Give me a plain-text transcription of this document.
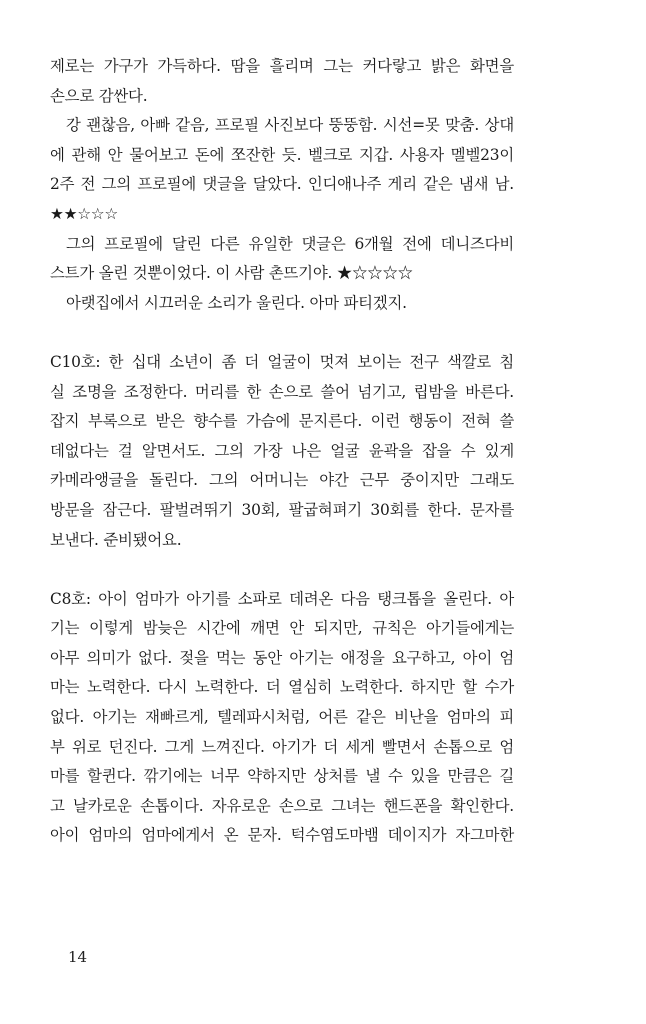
제로는 가구가 가득하다. 땀을 흘리며 그는 커다랗고 밝은 화면을
손으로 감싼다.
강 괜찮음, 아빠 같음, 프로필 사진보다 뚱뚱함. 시선=못 맞춤. 상대
에 관해 안 물어보고 돈에 쪼잔한 듯. 벨크로 지갑. 사용자 멜벨23이
2주 전 그의 프로필에 댓글을 달았다. 인디애나주 게리 같은 냄새 남.
★★☆☆☆
그의 프로필에 달린 다른 유일한 댓글은 6개월 전에 데니즈다비
스트가 올린 것뿐이었다. 이 사람 촌뜨기야. ★☆☆☆☆
아랫집에서 시끄러운 소리가 울린다. 아마 파티겠지.
C10호: 한 십대 소년이 좀 더 얼굴이 멋져 보이는 전구 색깔로 침
실 조명을 조정한다. 머리를 한 손으로 쓸어 넘기고, 립밤을 바른다.
잡지 부록으로 받은 향수를 가슴에 문지른다. 이런 행동이 전혀 쓸
데없다는 걸 알면서도. 그의 가장 나은 얼굴 윤곽을 잡을 수 있게
카메라앵글을 돌린다. 그의 어머니는 야간 근무 중이지만 그래도
방문을 잠근다. 팔벌려뛰기 30회, 팔굽혀펴기 30회를 한다. 문자를
보낸다. 준비됐어요.
C8호: 아이 엄마가 아기를 소파로 데려온 다음 탱크톱을 올린다. 아
기는 이렇게 밤늦은 시간에 깨면 안 되지만, 규칙은 아기들에게는
아무 의미가 없다. 젖을 먹는 동안 아기는 애정을 요구하고, 아이 엄
마는 노력한다. 다시 노력한다. 더 열심히 노력한다. 하지만 할 수가
없다. 아기는 재빠르게, 텔레파시처럼, 어른 같은 비난을 엄마의 피
부 위로 던진다. 그게 느껴진다. 아기가 더 세게 빨면서 손톱으로 엄
마를 할퀸다. 깎기에는 너무 약하지만 상처를 낼 수 있을 만큼은 길
고 날카로운 손톱이다. 자유로운 손으로 그녀는 핸드폰을 확인한다.
아이 엄마의 엄마에게서 온 문자. 턱수염도마뱀 데이지가 자그마한
14
